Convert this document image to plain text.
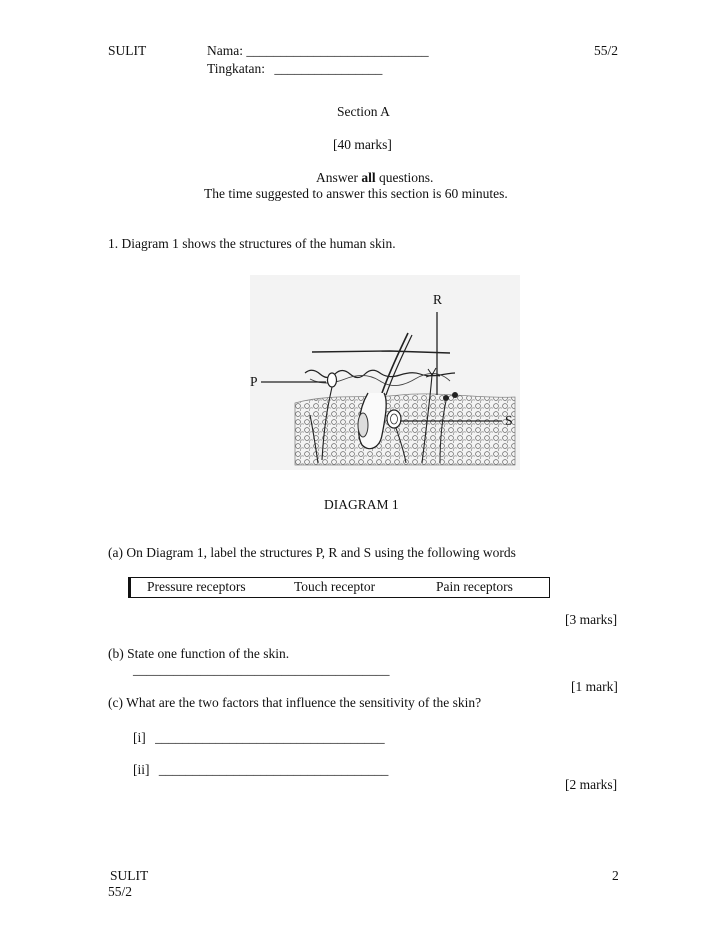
SULIT	Nama: ___________________________	55/2
Tingkatan: ________________
Section A
[40 marks]
Answer all questions.
The time suggested to answer this section is 60 minutes.
1. Diagram 1 shows the structures of the human skin.
R
P
S
DIAGRAM 1
(a) On Diagram 1, label the structures P, R and S using the following words
Pressure receptors	Touch receptor	Pain receptors
[3 marks]
(b) State one function of the skin.
______________________________________
[1 mark]
(c) What are the two factors that influence the sensitivity of the skin?
[i] __________________________________
[ii] __________________________________
[2 marks]
SULIT
55/2
2
